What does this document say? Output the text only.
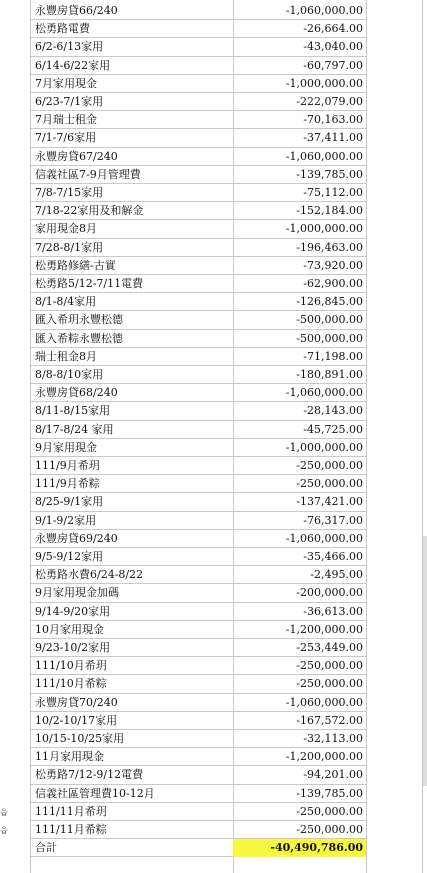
永豐房貸66/240	-1,060,000.00
松勇路電費	-26,664.00
6/2-6/13家用	-43,040.00
6/14-6/22家用	-60,797.00
7月家用現金	-1,000,000.00
6/23-7/1家用	-222,079.00
7月瑞士租金	-70,163.00
7/1-7/6家用	-37,411.00
永豐房貸67/240	-1,060,000.00
信義社區7-9月管理費	-139,785.00
7/8-7/15家用	-75,112.00
7/18-22家用及和解金	-152,184.00
家用現金8月	-1,000,000.00
7/28-8/1家用	-196,463.00
松勇路修繕-古實	-73,920.00
松勇路5/12-7/11電費	-62,900.00
8/1-8/4家用	-126,845.00
匯入希玥永豐松德	-500,000.00
匯入希粽永豐松德	-500,000.00
瑞士租金8月	-71,198.00
8/8-8/10家用	-180,891.00
永豐房貸68/240	-1,060,000.00
8/11-8/15家用	-28,143.00
8/17-8/24 家用	-45,725.00
9月家用現金	-1,000,000.00
111/9月希玥	-250,000.00
111/9月希粽	-250,000.00
8/25-9/1家用	-137,421.00
9/1-9/2家用	-76,317.00
永豐房貸69/240	-1,060,000.00
9/5-9/12家用	-35,466.00
松勇路水費6/24-8/22	-2,495.00
9月家用現金加碼	-200,000.00
9/14-9/20家用	-36,613.00
10月家用現金	-1,200,000.00
9/23-10/2家用	-253,449.00
111/10月希玥	-250,000.00
111/10月希粽	-250,000.00
永豐房貸70/240	-1,060,000.00
10/2-10/17家用	-167,572.00
10/15-10/25家用	-32,113.00
11月家用現金	-1,200,000.00
松勇路7/12-9/12電費	-94,201.00
信義社區管理費10-12月	-139,785.00
111/11月希玥	-250,000.00
111/11月希粽	-250,000.00
合計	-40,490,786.00
읍
읍
